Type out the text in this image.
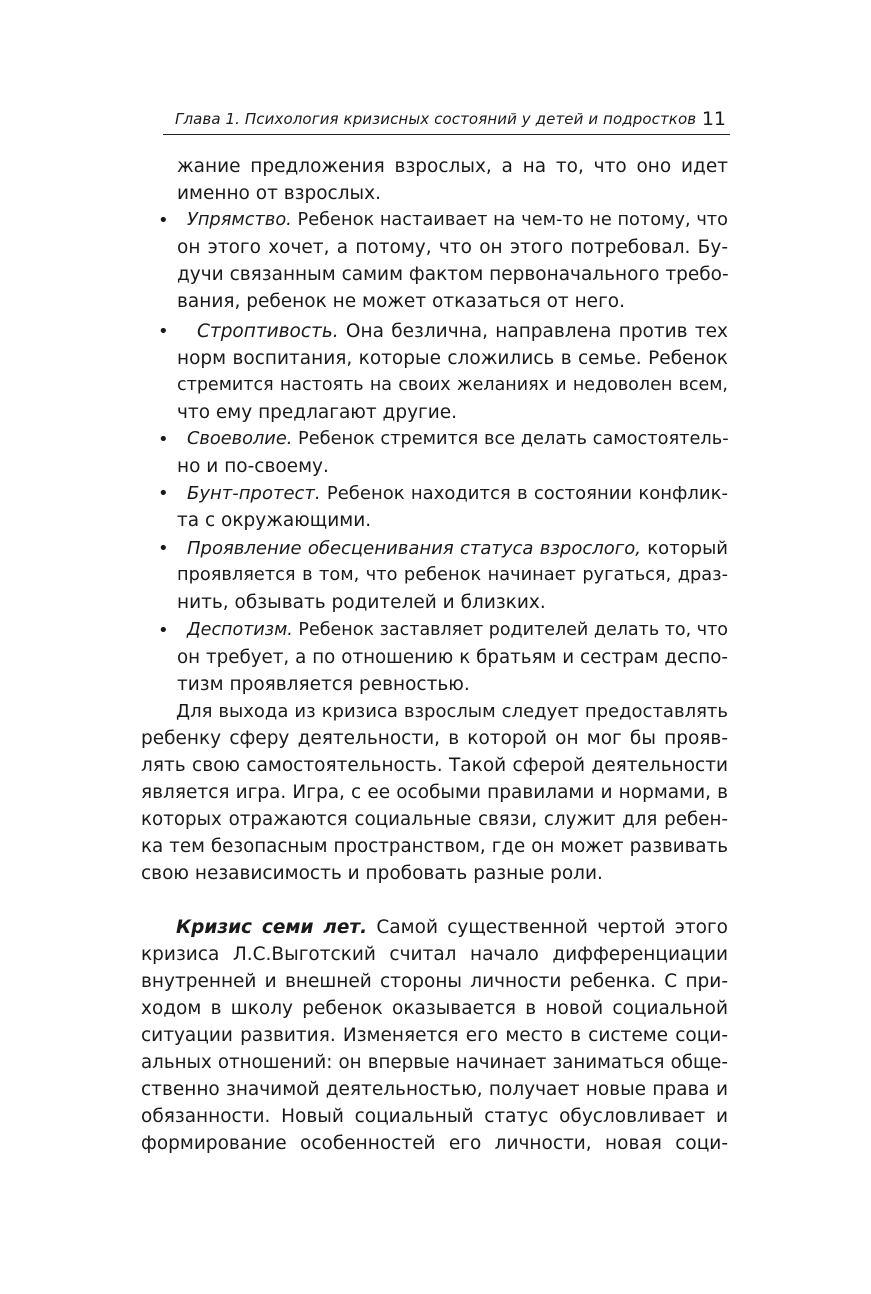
Глава 1. Психология кризисных состояний у детей и подростков 11
жание предложения взрослых, а на то, что оно идет
именно от взрослых.
• Упрямство. Ребенок настаивает на чем-то не потому, что
он этого хочет, а потому, что он этого потребовал. Бу-
дучи связанным самим фактом первоначального требо-
вания, ребенок не может отказаться от него.
• Строптивость. Она безлична, направлена против тех
норм воспитания, которые сложились в семье. Ребенок
стремится настоять на своих желаниях и недоволен всем,
что ему предлагают другие.
• Своеволие. Ребенок стремится все делать самостоятель-
но и по-своему.
• Бунт-протест. Ребенок находится в состоянии конфлик-
та с окружающими.
• Проявление обесценивания статуса взрослого, который
проявляется в том, что ребенок начинает ругаться, драз-
нить, обзывать родителей и близких.
• Деспотизм. Ребенок заставляет родителей делать то, что
он требует, а по отношению к братьям и сестрам деспо-
тизм проявляется ревностью.
Для выхода из кризиса взрослым следует предоставлять
ребенку сферу деятельности, в которой он мог бы прояв-
лять свою самостоятельность. Такой сферой деятельности
является игра. Игра, с ее особыми правилами и нормами, в
которых отражаются социальные связи, служит для ребен-
ка тем безопасным пространством, где он может развивать
свою независимость и пробовать разные роли.
Кризис семи лет. Самой существенной чертой этого
кризиса Л.С.Выготский считал начало дифференциации
внутренней и внешней стороны личности ребенка. С при-
ходом в школу ребенок оказывается в новой социальной
ситуации развития. Изменяется его место в системе соци-
альных отношений: он впервые начинает заниматься обще-
ственно значимой деятельностью, получает новые права и
обязанности. Новый социальный статус обусловливает и
формирование особенностей его личности, новая соци-
